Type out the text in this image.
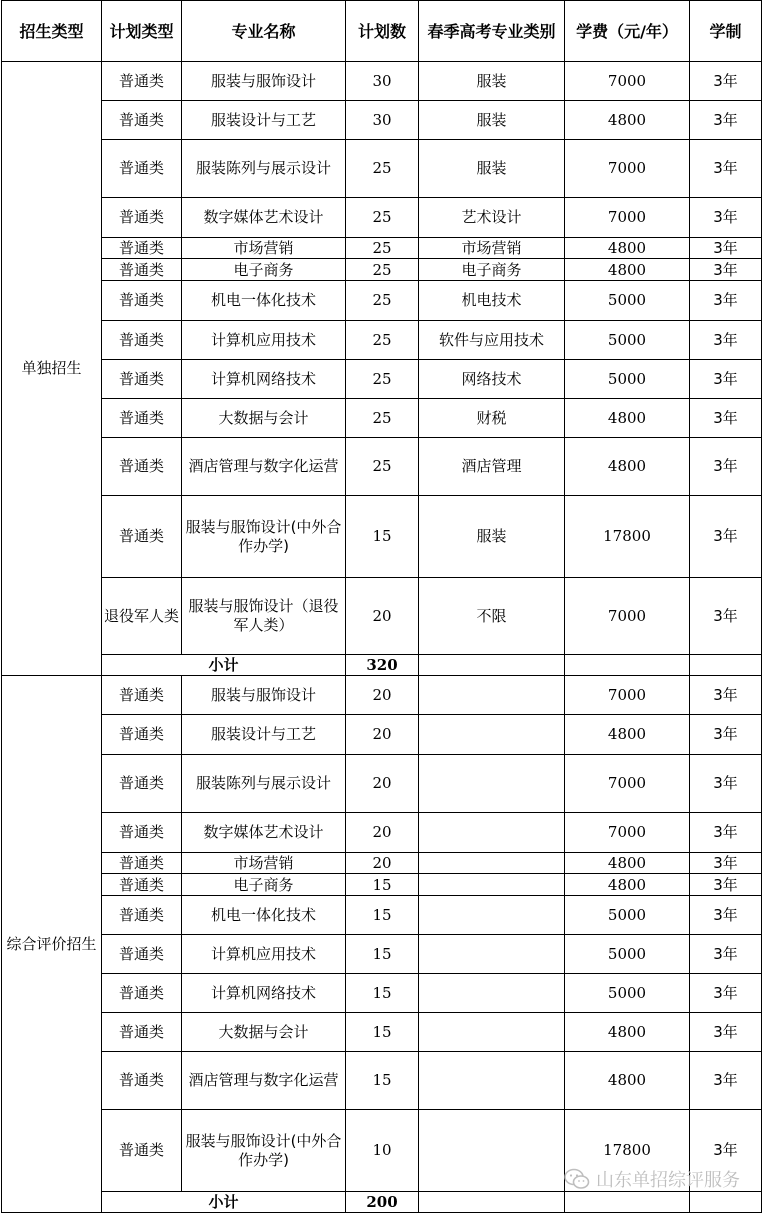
招生类型	计划类型	专业名称	计划数	春季高考专业类别	学费（元/年）	学制
单独招生	普通类	服装与服饰设计	30	服装	7000	3年
	普通类	服装设计与工艺	30	服装	4800	3年
	普通类	服装陈列与展示设计	25	服装	7000	3年
	普通类	数字媒体艺术设计	25	艺术设计	7000	3年
	普通类	市场营销	25	市场营销	4800	3年
	普通类	电子商务	25	电子商务	4800	3年
	普通类	机电一体化技术	25	机电技术	5000	3年
	普通类	计算机应用技术	25	软件与应用技术	5000	3年
	普通类	计算机网络技术	25	网络技术	5000	3年
	普通类	大数据与会计	25	财税	4800	3年
	普通类	酒店管理与数字化运营	25	酒店管理	4800	3年
	普通类	服装与服饰设计(中外合作办学)	15	服装	17800	3年
	退役军人类	服装与服饰设计（退役军人类）	20	不限	7000	3年
	小计		320			
综合评价招生	普通类	服装与服饰设计	20		7000	3年
	普通类	服装设计与工艺	20		4800	3年
	普通类	服装陈列与展示设计	20		7000	3年
	普通类	数字媒体艺术设计	20		7000	3年
	普通类	市场营销	20		4800	3年
	普通类	电子商务	15		4800	3年
	普通类	机电一体化技术	15		5000	3年
	普通类	计算机应用技术	15		5000	3年
	普通类	计算机网络技术	15		5000	3年
	普通类	大数据与会计	15		4800	3年
	普通类	酒店管理与数字化运营	15		4800	3年
	普通类	服装与服饰设计(中外合作办学)	10		17800	3年
	小计		200			
山东单招综评服务
